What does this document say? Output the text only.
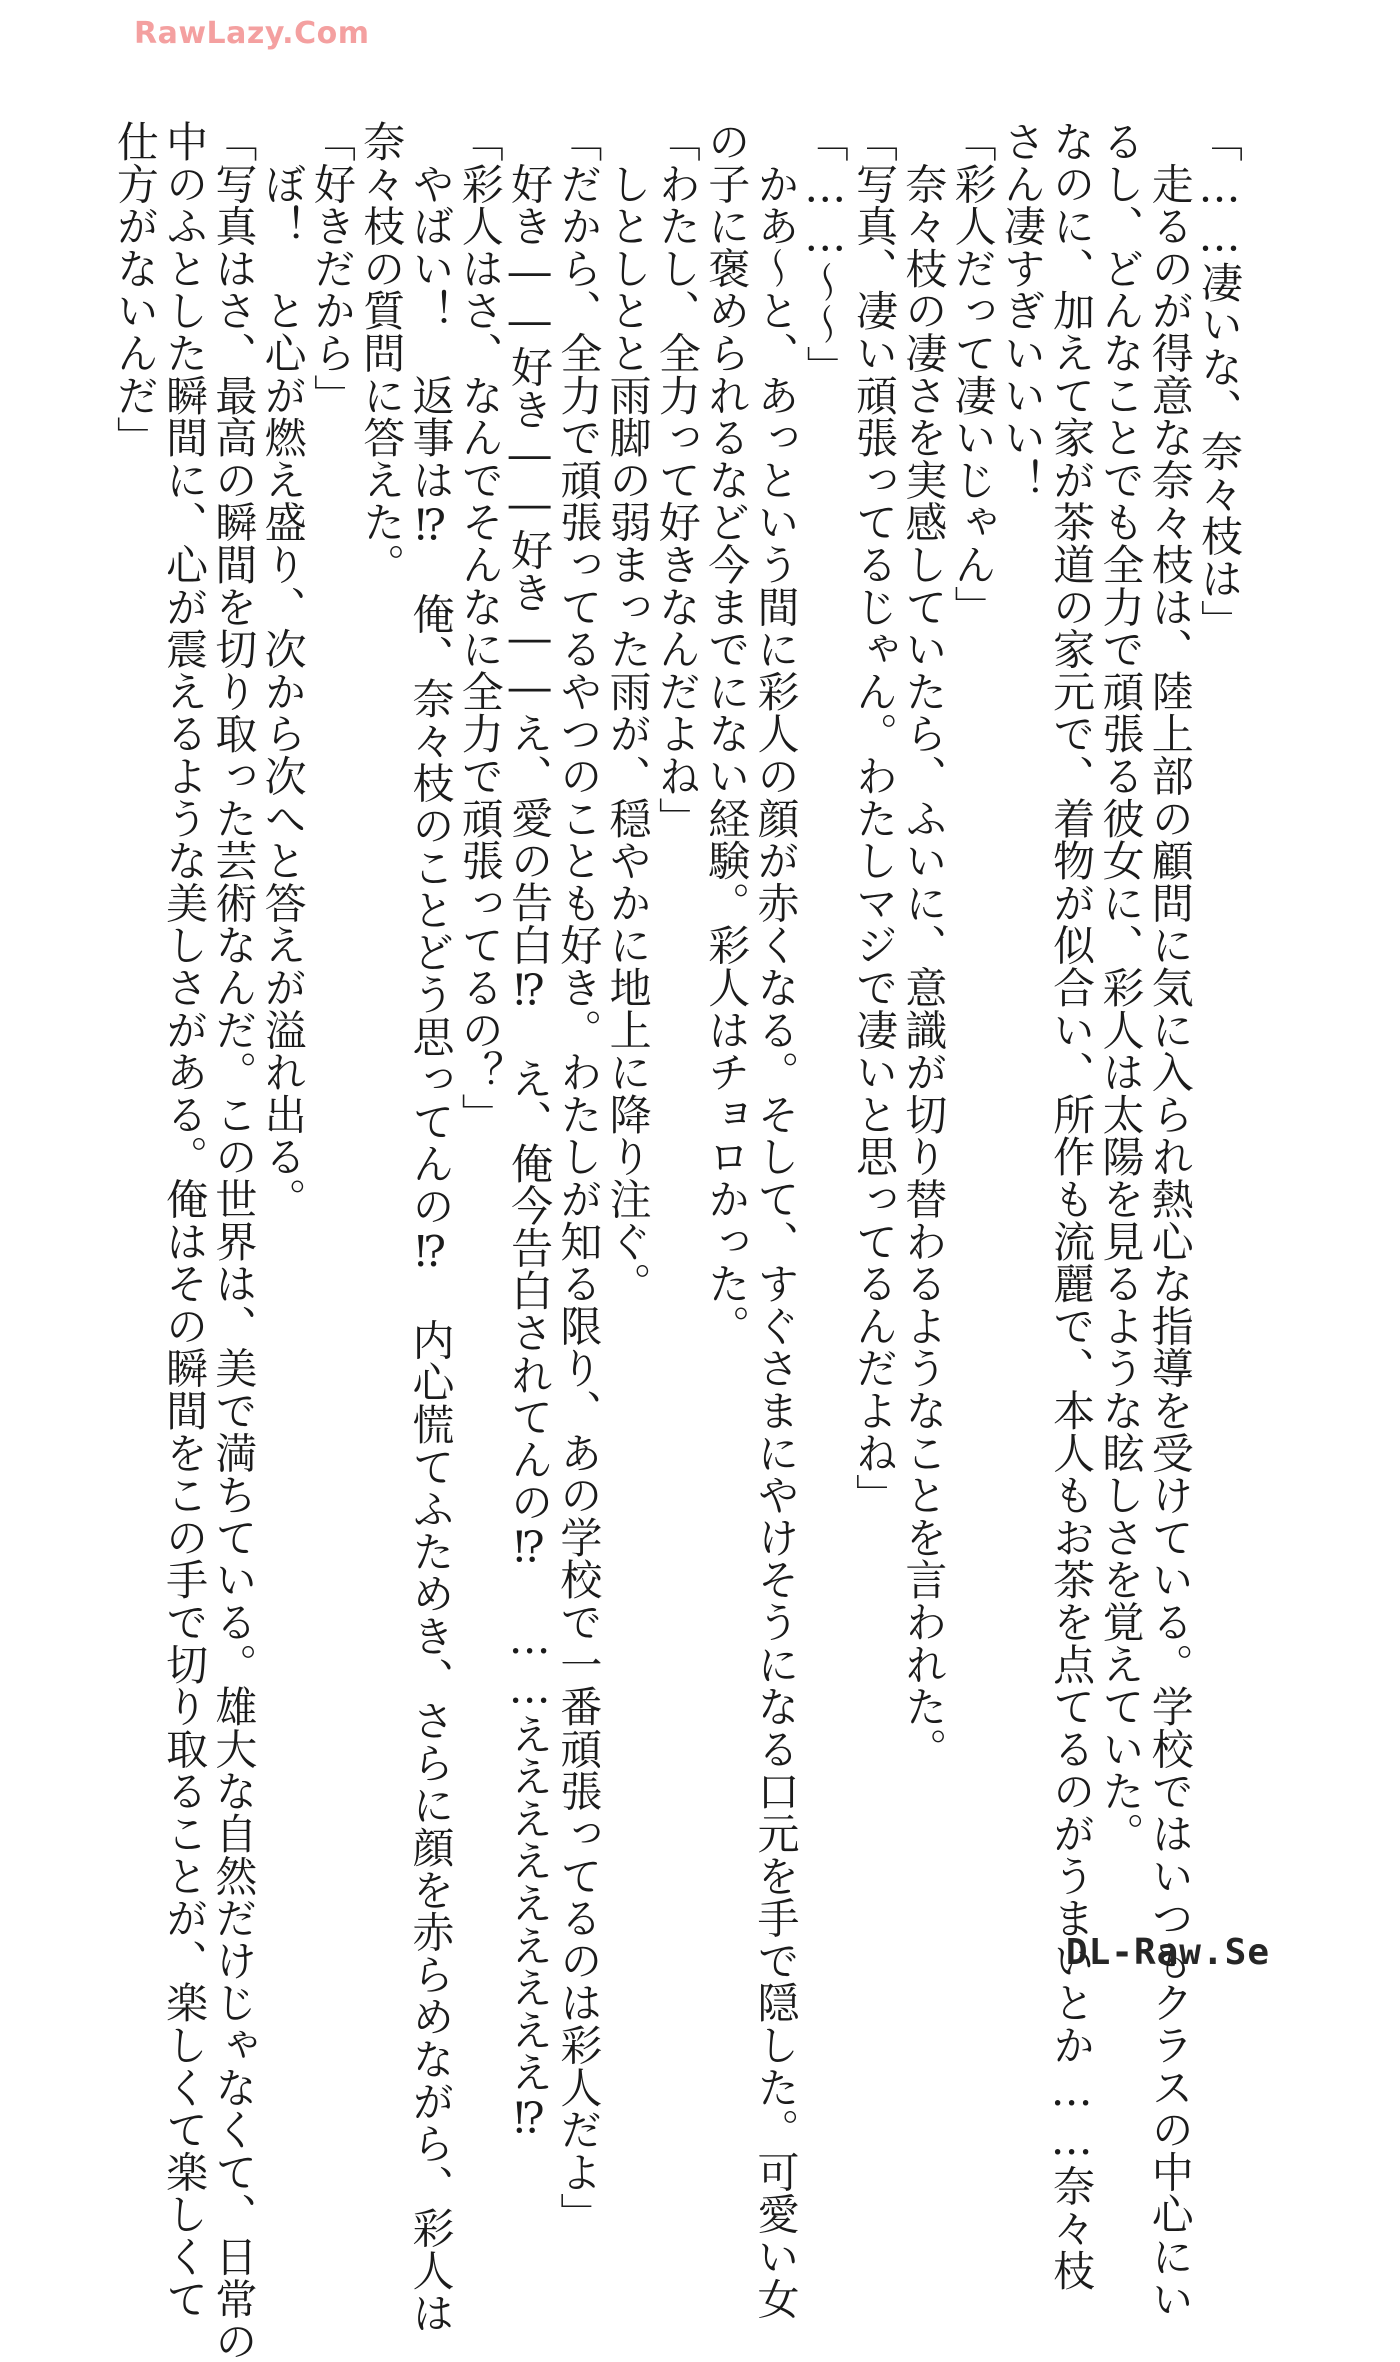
RawLazy.Com
「……凄いな、奈々枝は」
　走るのが得意な奈々枝は、陸上部の顧問に気に入られ熱心な指導を受けている。学校ではいつもクラスの中心にい
るし、どんなことでも全力で頑張る彼女に、彩人は太陽を見るような眩しさを覚えていた。
なのに、加えて家が茶道の家元で、着物が似合い、所作も流麗で、本人もお茶を点てるのがうまいとか……奈々枝
さん凄すぎいいい！
「彩人だって凄いじゃん」
　奈々枝の凄さを実感していたら、ふいに、意識が切り替わるようなことを言われた。
「写真、凄い頑張ってるじゃん。わたしマジで凄いと思ってるんだよね」
「……～～」
　かあ～と、あっという間に彩人の顔が赤くなる。そして、すぐさまにやけそうになる口元を手で隠した。可愛い女
の子に褒められるなど今までにない経験。彩人はチョロかった。
「わたし、全力って好きなんだよね」
　しとしとと雨脚の弱まった雨が、穏やかに地上に降り注ぐ。
「だから、全力で頑張ってるやつのことも好き。わたしが知る限り、あの学校で一番頑張ってるのは彩人だよ」
　好き――好き――好き――え、愛の告白⁉　え、俺今告白されてんの⁉　……えええええええええ⁉
「彩人はさ、なんでそんなに全力で頑張ってるの？」
　やばい！　返事は⁉　俺、奈々枝のことどう思ってんの⁉　内心慌てふためき、さらに顔を赤らめながら、彩人は
奈々枝の質問に答えた。
「好きだから」
　ぼ！　と心が燃え盛り、次から次へと答えが溢れ出る。
「写真はさ、最高の瞬間を切り取った芸術なんだ。この世界は、美で満ちている。雄大な自然だけじゃなくて、日常の
中のふとした瞬間に、心が震えるような美しさがある。俺はその瞬間をこの手で切り取ることが、楽しくて楽しくて
仕方がないんだ」
DL-Raw.Se
